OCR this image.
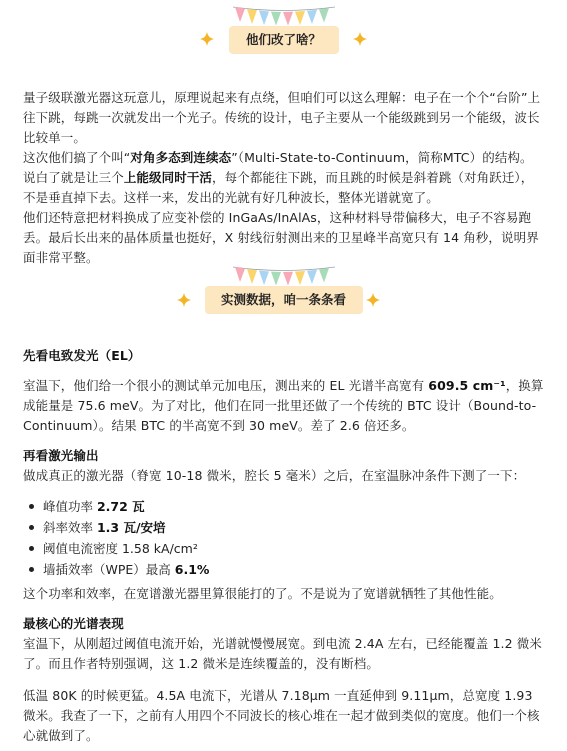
他们改了啥？

量子级联激光器这玩意儿，原理说起来有点绕，但咱们可以这么理解：电子在一个个“台阶”上往下跳，每跳一次就发出一个光子。传统的设计，电子主要从一个能级跳到另一个能级，波长比较单一。

这次他们搞了个叫“对角多态到连续态”（Multi-State-to-Continuum，简称MTC）的结构。说白了就是让三个上能级同时干活，每个都能往下跳，而且跳的时候是斜着跳（对角跃迁），不是垂直掉下去。这样一来，发出的光就有好几种波长，整体光谱就宽了。

他们还特意把材料换成了应变补偿的 InGaAs/InAlAs，这种材料导带偏移大，电子不容易跑丢。最后长出来的晶体质量也挺好，X 射线衍射测出来的卫星峰半高宽只有 14 角秒，说明界面非常平整。

实测数据，咱一条条看

先看电致发光（EL）

室温下，他们给一个很小的测试单元加电压，测出来的 EL 光谱半高宽有 609.5 cm⁻¹，换算成能量是 75.6 meV。为了对比，他们在同一批里还做了一个传统的 BTC 设计（Bound-to-Continuum）。结果 BTC 的半高宽不到 30 meV。差了 2.6 倍还多。

再看激光输出

做成真正的激光器（脊宽 10-18 微米，腔长 5 毫米）之后，在室温脉冲条件下测了一下：

峰值功率 2.72 瓦
斜率效率 1.3 瓦/安培
阈值电流密度 1.58 kA/cm²
墙插效率（WPE）最高 6.1%

这个功率和效率，在宽谱激光器里算很能打的了。不是说为了宽谱就牺牲了其他性能。

最核心的光谱表现

室温下，从刚超过阈值电流开始，光谱就慢慢展宽。到电流 2.4A 左右，已经能覆盖 1.2 微米了。而且作者特别强调，这 1.2 微米是连续覆盖的，没有断档。

低温 80K 的时候更猛。4.5A 电流下，光谱从 7.18μm 一直延伸到 9.11μm，总宽度 1.93 微米。我查了一下，之前有人用四个不同波长的核心堆在一起才做到类似的宽度。他们一个核心就做到了。
